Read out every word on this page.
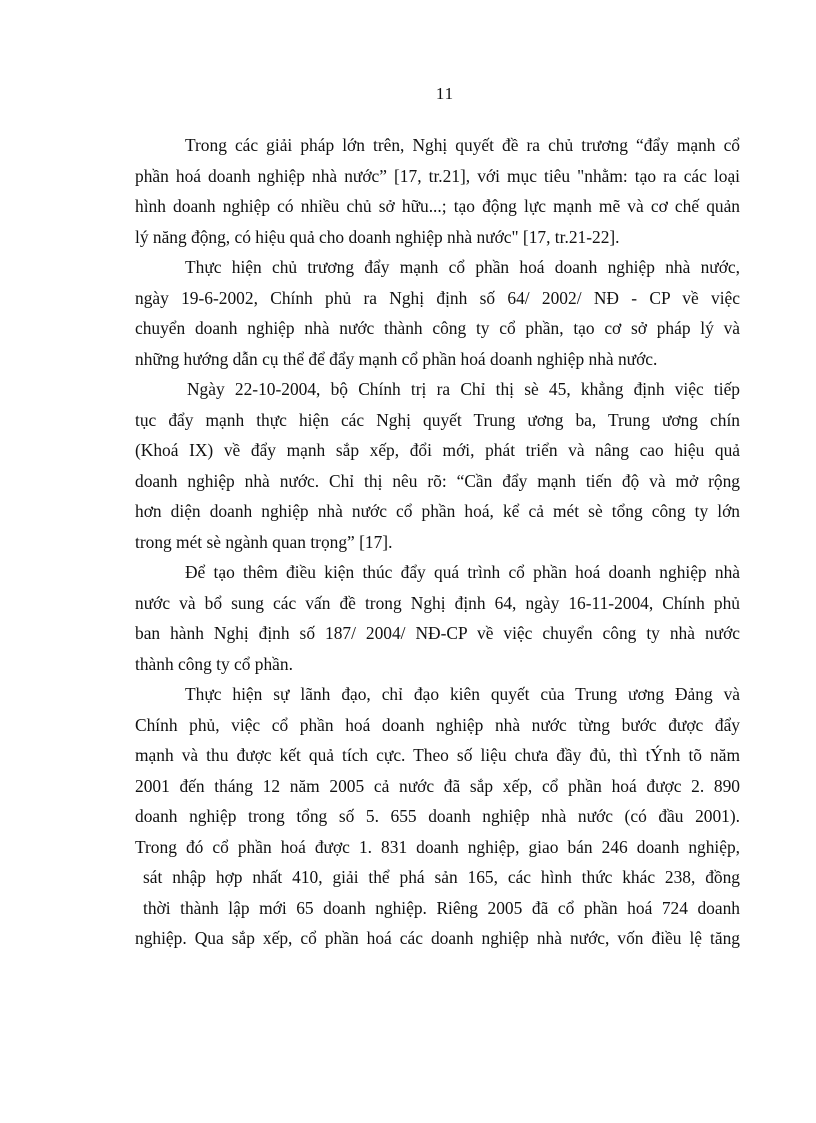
11
Trong các giải pháp lớn trên, Nghị quyết đề ra chủ trương “đẩy mạnh cổ
phần hoá doanh nghiệp nhà nước” [17, tr.21], với mục tiêu "nhằm: tạo ra các loại
hình doanh nghiệp có nhiều chủ sở hữu...; tạo động lực mạnh mẽ và cơ chế quản
lý năng động, có hiệu quả cho doanh nghiệp nhà nước" [17, tr.21-22].
Thực hiện chủ trương đẩy mạnh cổ phần hoá doanh nghiệp nhà nước,
ngày 19-6-2002, Chính phủ ra Nghị định số 64/ 2002/ NĐ - CP về việc
chuyển doanh nghiệp nhà nước thành công ty cổ phần, tạo cơ sở pháp lý và
những hướng dẫn cụ thể để đẩy mạnh cổ phần hoá doanh nghiệp nhà nước.
Ngày 22-10-2004, bộ Chính trị ra Chỉ thị sè 45, khẳng định việc tiếp
tục đẩy mạnh thực hiện các Nghị quyết Trung ương ba, Trung ương chín
(Khoá IX) về đẩy mạnh sắp xếp, đổi mới, phát triển và nâng cao hiệu quả
doanh nghiệp nhà nước. Chỉ thị nêu rõ: “Cần đẩy mạnh tiến độ và mở rộng
hơn diện doanh nghiệp nhà nước cổ phần hoá, kể cả mét sè tổng công ty lớn
trong mét sè ngành quan trọng” [17].
Để tạo thêm điều kiện thúc đẩy quá trình cổ phần hoá doanh nghiệp nhà
nước và bổ sung các vấn đề trong Nghị định 64, ngày 16-11-2004, Chính phủ
ban hành Nghị định số 187/ 2004/ NĐ-CP về việc chuyển công ty nhà nước
thành công ty cổ phần.
Thực hiện sự lãnh đạo, chỉ đạo kiên quyết của Trung ương Đảng và
Chính phủ, việc cổ phần hoá doanh nghiệp nhà nước từng bước được đẩy
mạnh và thu được kết quả tích cực. Theo số liệu chưa đầy đủ, thì tÝnh tõ năm
2001 đến tháng 12 năm 2005 cả nước đã sắp xếp, cổ phần hoá được 2. 890
doanh nghiệp trong tổng số 5. 655 doanh nghiệp nhà nước (có đầu 2001).
Trong đó cổ phần hoá được 1. 831 doanh nghiệp, giao bán 246 doanh nghiệp,
sát nhập hợp nhất 410, giải thể phá sản 165, các hình thức khác 238, đồng
thời thành lập mới 65 doanh nghiệp. Riêng 2005 đã cổ phần hoá 724 doanh
nghiệp. Qua sắp xếp, cổ phần hoá các doanh nghiệp nhà nước, vốn điều lệ tăng
